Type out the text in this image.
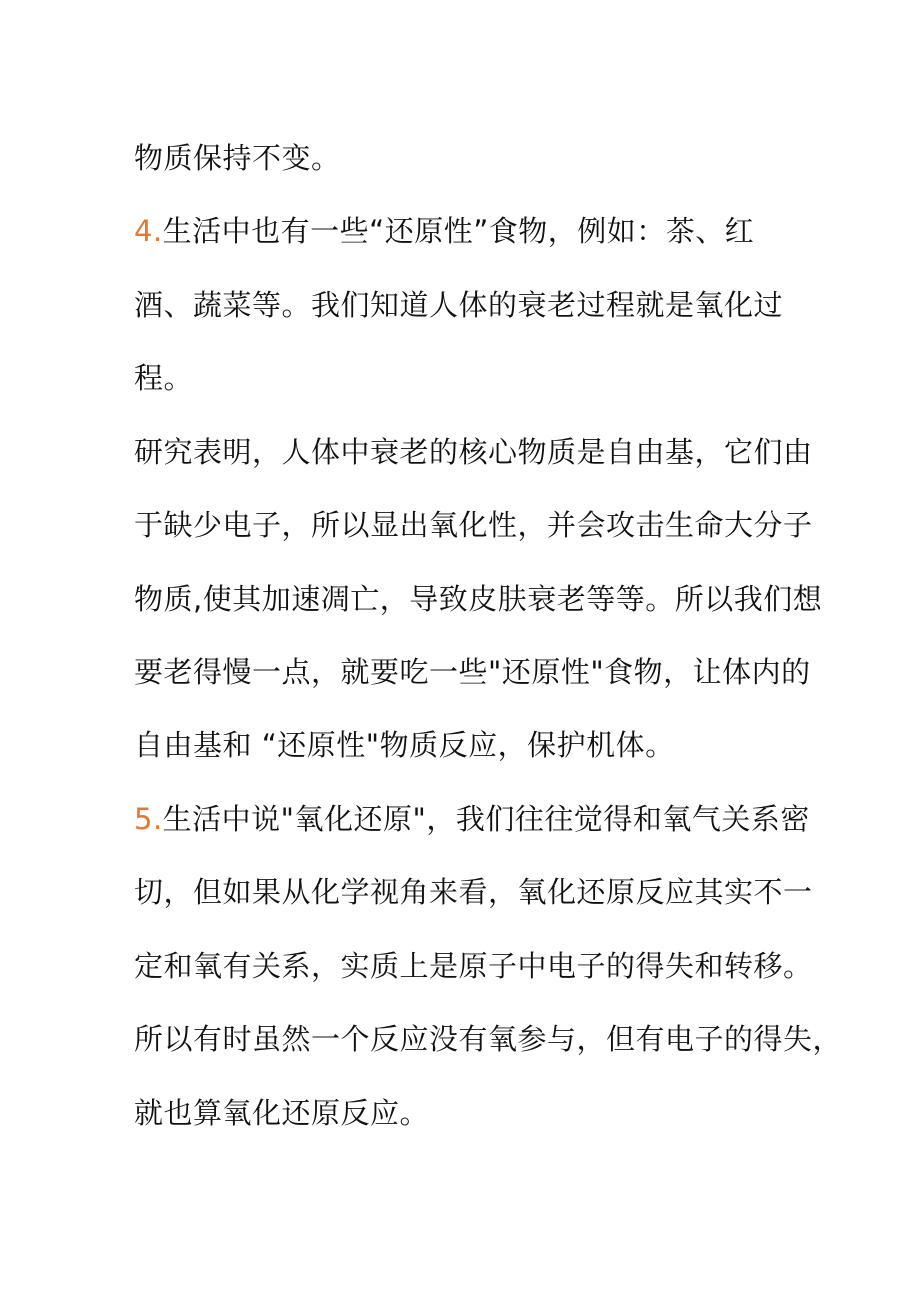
物质保持不变。
4.生活中也有一些“还原性”食物，例如：茶、红
酒、蔬菜等。我们知道人体的衰老过程就是氧化过
程。
研究表明，人体中衰老的核心物质是自由基，它们由
于缺少电子，所以显出氧化性，并会攻击生命大分子
物质,使其加速凋亡，导致皮肤衰老等等。所以我们想
要老得慢一点，就要吃一些"还原性"食物，让体内的
自由基和 “还原性"物质反应，保护机体。
5.生活中说"氧化还原"，我们往往觉得和氧气关系密
切，但如果从化学视角来看，氧化还原反应其实不一
定和氧有关系，实质上是原子中电子的得失和转移。
所以有时虽然一个反应没有氧参与，但有电子的得失，
就也算氧化还原反应。
